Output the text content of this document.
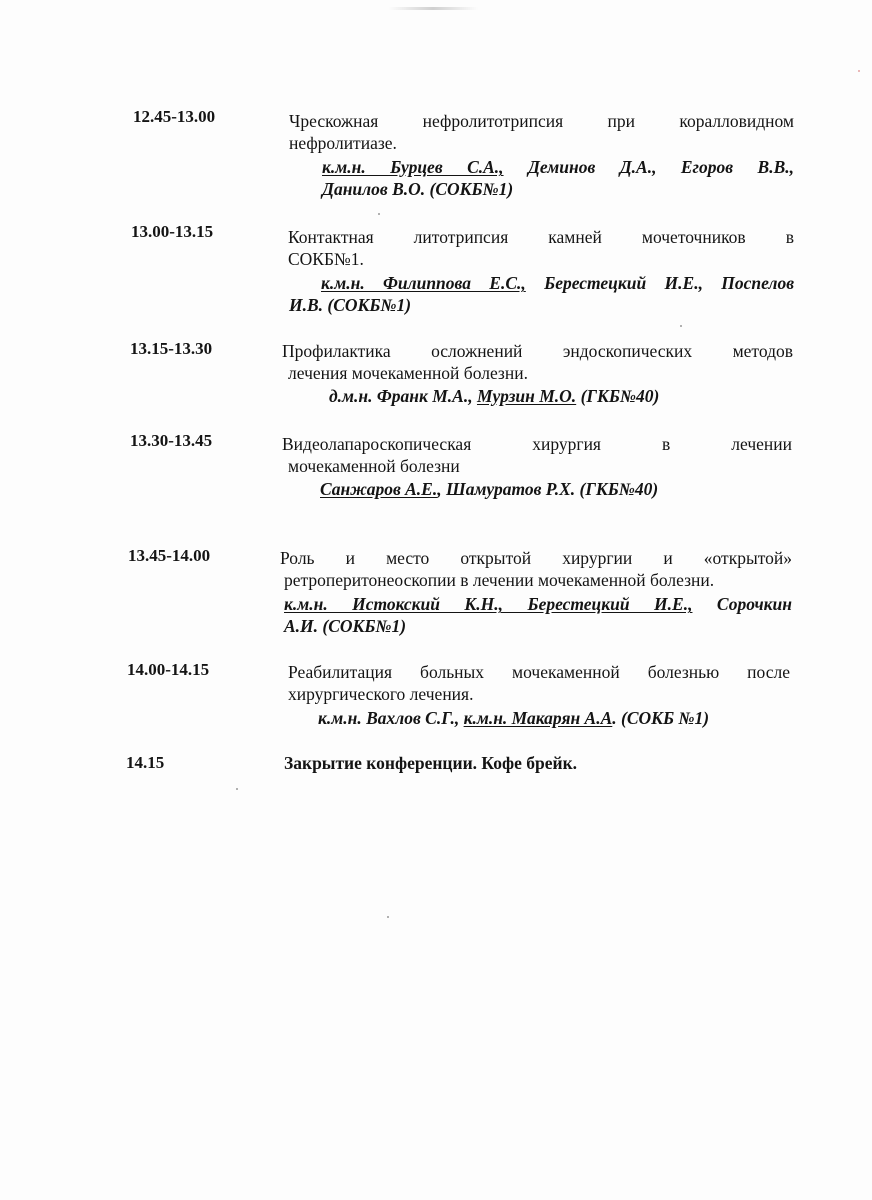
12.45-13.00	Чрескожная нефролитотрипсия при коралловидном
нефролитиазе.
к.м.н. Бурцев С.А., Деминов Д.А., Егоров В.В.,
Данилов В.О. (СОКБ№1)
13.00-13.15	Контактная литотрипсия камней мочеточников в
СОКБ№1.
к.м.н. Филиппова Е.С., Берестецкий И.Е., Поспелов
И.В. (СОКБ№1)
13.15-13.30	Профилактика осложнений эндоскопических методов
лечения мочекаменной болезни.
д.м.н. Франк М.А., Мурзин М.О. (ГКБ№40)
13.30-13.45	Видеолапароскопическая хирургия в лечении
мочекаменной болезни
Санжаров А.Е., Шамуратов Р.Х. (ГКБ№40)
13.45-14.00	Роль и место открытой хирургии и «открытой»
ретроперитонеоскопии в лечении мочекаменной болезни.
к.м.н. Истокский К.Н., Берестецкий И.Е., Сорочкин
А.И. (СОКБ№1)
14.00-14.15	Реабилитация больных мочекаменной болезнью после
хирургического лечения.
к.м.н. Вахлов С.Г., к.м.н. Макарян А.А. (СОКБ №1)
14.15	Закрытие конференции. Кофе брейк.
